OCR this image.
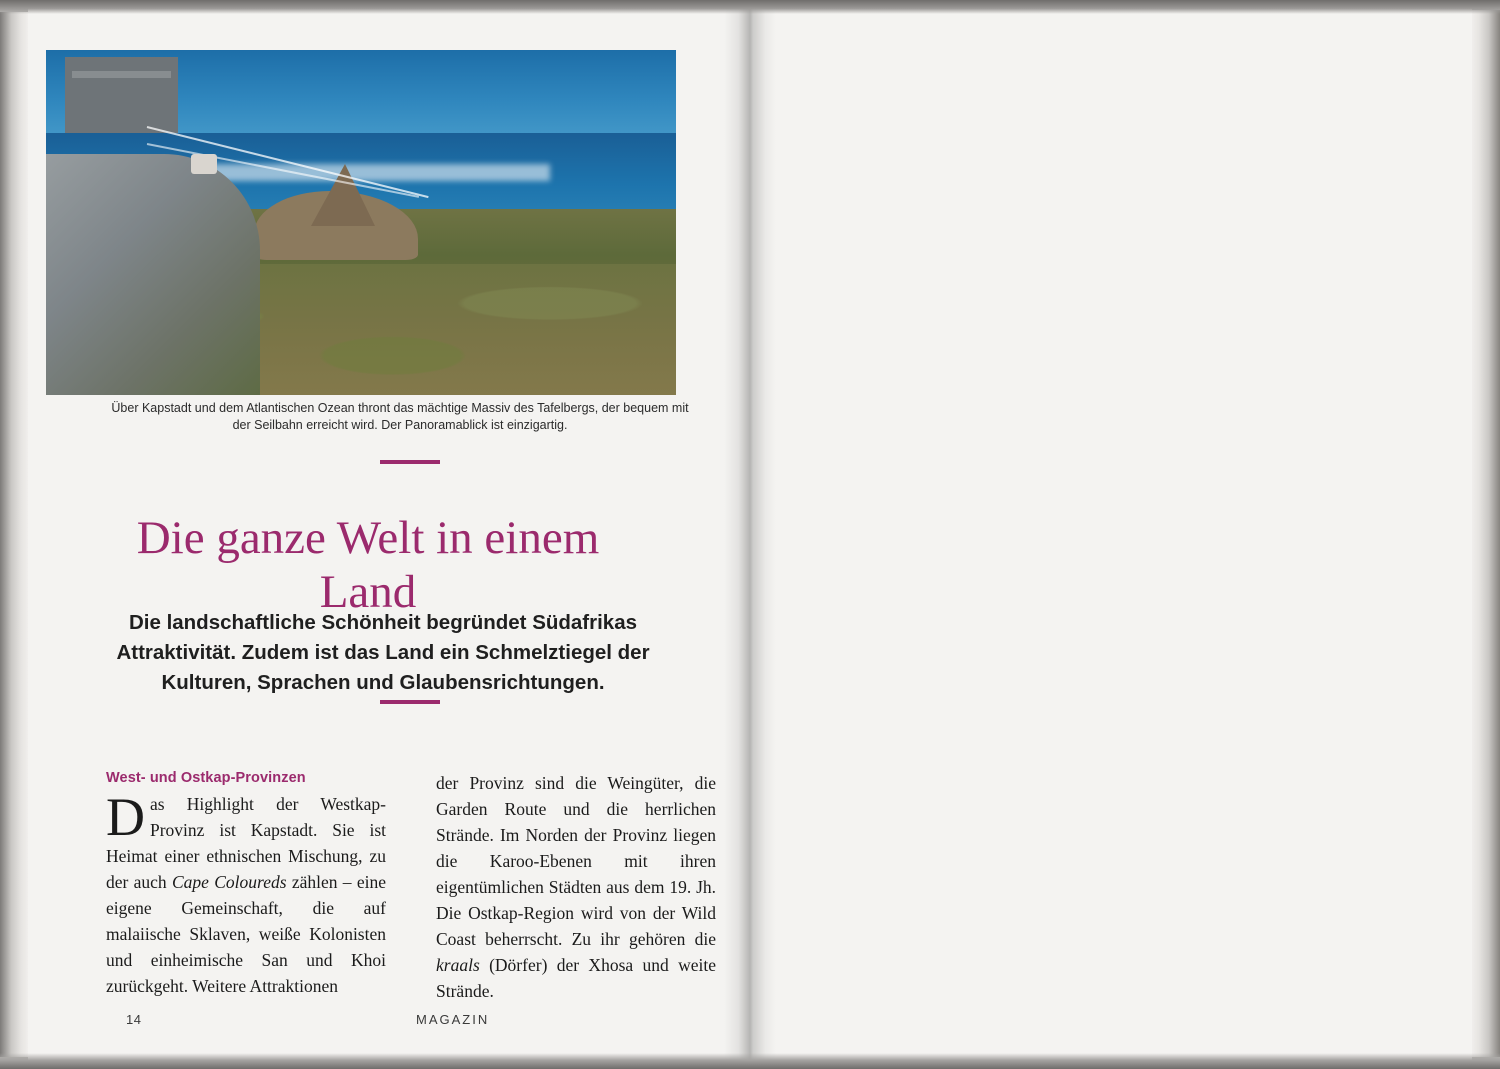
Über Kapstadt und dem Atlantischen Ozean thront das mächtige Massiv des Tafelbergs, der bequem mit der Seilbahn erreicht wird. Der Panoramablick ist einzigartig.
Die ganze Welt in einem Land
Die landschaftliche Schönheit begründet Südafrikas Attraktivität. Zudem ist das Land ein Schmelztiegel der Kulturen, Sprachen und Glaubensrichtungen.
West- und Ostkap-Provinzen

Das Highlight der Westkap-Provinz ist Kapstadt. Sie ist Heimat einer ethnischen Mischung, zu der auch Cape Coloureds zählen – eine eigene Gemeinschaft, die auf malaiische Sklaven, weiße Kolonisten und einheimische San und Khoi zurückgeht. Weitere Attraktionen

der Provinz sind die Weingüter, die Garden Route und die herrlichen Strände. Im Norden der Provinz liegen die Karoo-Ebenen mit ihren eigentümlichen Städten aus dem 19. Jh. Die Ostkap-Region wird von der Wild Coast beherrscht. Zu ihr gehören die kraals (Dörfer) der Xhosa und weite Strände.

14	MAGAZIN
